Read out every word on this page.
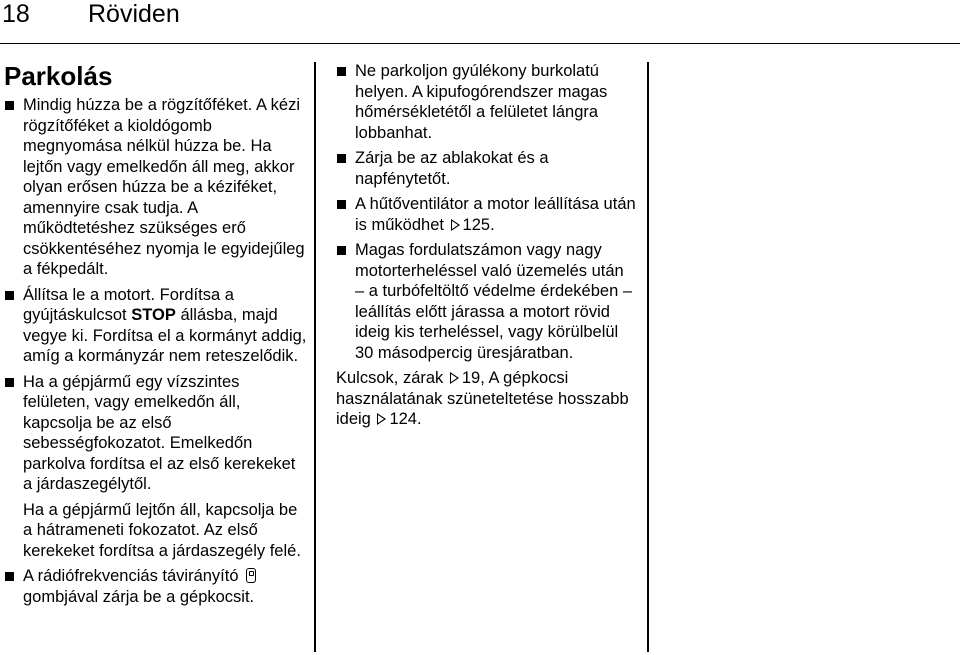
18 Röviden
Parkolás
Mindig húzza be a rögzítőféket. A kézi rögzítőféket a kioldógomb megnyomása nélkül húzza be. Ha lejtőn vagy emelkedőn áll meg, akkor olyan erősen húzza be a kéziféket, amennyire csak tudja. A működtetéshez szükséges erő csökkentéséhez nyomja le egyidejűleg a fékpedált.
Állítsa le a motort. Fordítsa a gyújtáskulcsot STOP állásba, majd vegye ki. Fordítsa el a kormányt addig, amíg a kormányzár nem reteszelődik.
Ha a gépjármű egy vízszintes felületen, vagy emelkedőn áll, kapcsolja be az első sebességfokozatot. Emelkedőn parkolva fordítsa el az első kerekeket a járdaszegélytől.
Ha a gépjármű lejtőn áll, kapcsolja be a hátrameneti fokozatot. Az első kerekeket fordítsa a járdaszegély felé.
A rádiófrekvenciás távirányító  gombjával zárja be a gépkocsit.
Ne parkoljon gyúlékony burkolatú helyen. A kipufogórendszer magas hőmérsékletétől a felületet lángra lobbanhat.
Zárja be az ablakokat és a napfénytetőt.
A hűtőventilátor a motor leállítása után is működhet 125.
Magas fordulatszámon vagy nagy motorterheléssel való üzemelés után – a turbófeltöltő védelme érdekében – leállítás előtt járassa a motort rövid ideig kis terheléssel, vagy körülbelül 30 másodpercig üresjáratban.

Kulcsok, zárak 19, A gépkocsi használatának szüneteltetése hosszabb ideig 124.
